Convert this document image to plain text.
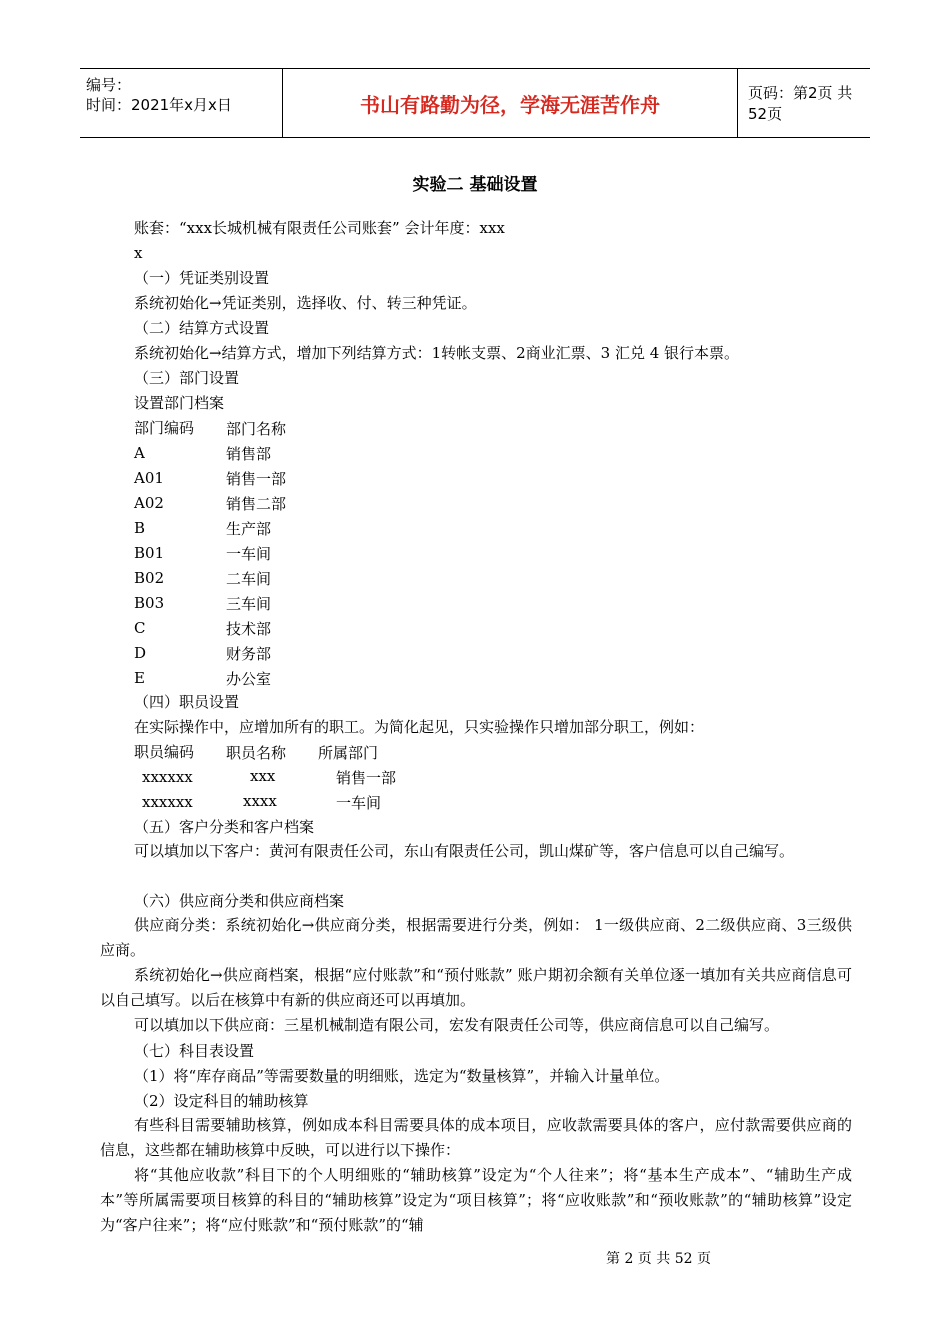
编号：
时间：2021年x月x日	书山有路勤为径，学海无涯苦作舟	页码：第2页 共52页
实验二 基础设置
账套：“xxx长城机械有限责任公司账套” 会计年度：xxx
x
（一）凭证类别设置
系统初始化→凭证类别，选择收、付、转三种凭证。
（二）结算方式设置
系统初始化→结算方式，增加下列结算方式：1转帐支票、2商业汇票、3 汇兑 4 银行本票。
（三）部门设置
设置部门档案
部门编码 部门名称
A	销售部
A01	销售一部
A02	销售二部
B	生产部
B01	一车间
B02	二车间
B03	三车间
C	技术部
D	财务部
E	办公室
（四）职员设置
在实际操作中，应增加所有的职工。为简化起见，只实验操作只增加部分职工，例如：
职员编码 职员名称 所属部门
xxxxxx	xxx	销售一部
xxxxxx	xxxx	一车间
（五）客户分类和客户档案
可以填加以下客户：黄河有限责任公司，东山有限责任公司，凯山煤矿等，客户信息可以自己编写。
（六）供应商分类和供应商档案
供应商分类：系统初始化→供应商分类，根据需要进行分类，例如： 1一级供应商、2二级供应商、3三级供应商。
系统初始化→供应商档案，根据“应付账款”和“预付账款” 账户期初余额有关单位逐一填加有关共应商信息可以自己填写。以后在核算中有新的供应商还可以再填加。
可以填加以下供应商：三星机械制造有限公司，宏发有限责任公司等，供应商信息可以自己编写。
（七）科目表设置
（1）将“库存商品”等需要数量的明细账，选定为“数量核算”，并输入计量单位。
（2）设定科目的辅助核算
有些科目需要辅助核算，例如成本科目需要具体的成本项目，应收款需要具体的客户，应付款需要供应商的信息，这些都在辅助核算中反映，可以进行以下操作：
将“其他应收款”科目下的个人明细账的“辅助核算”设定为“个人往来”；将“基本生产成本”、“辅助生产成本”等所属需要项目核算的科目的“辅助核算”设定为“项目核算”；将“应收账款”和“预收账款”的“辅助核算”设定为“客户往来”；将“应付账款”和“预付账款”的“辅
第 2 页 共 52 页
